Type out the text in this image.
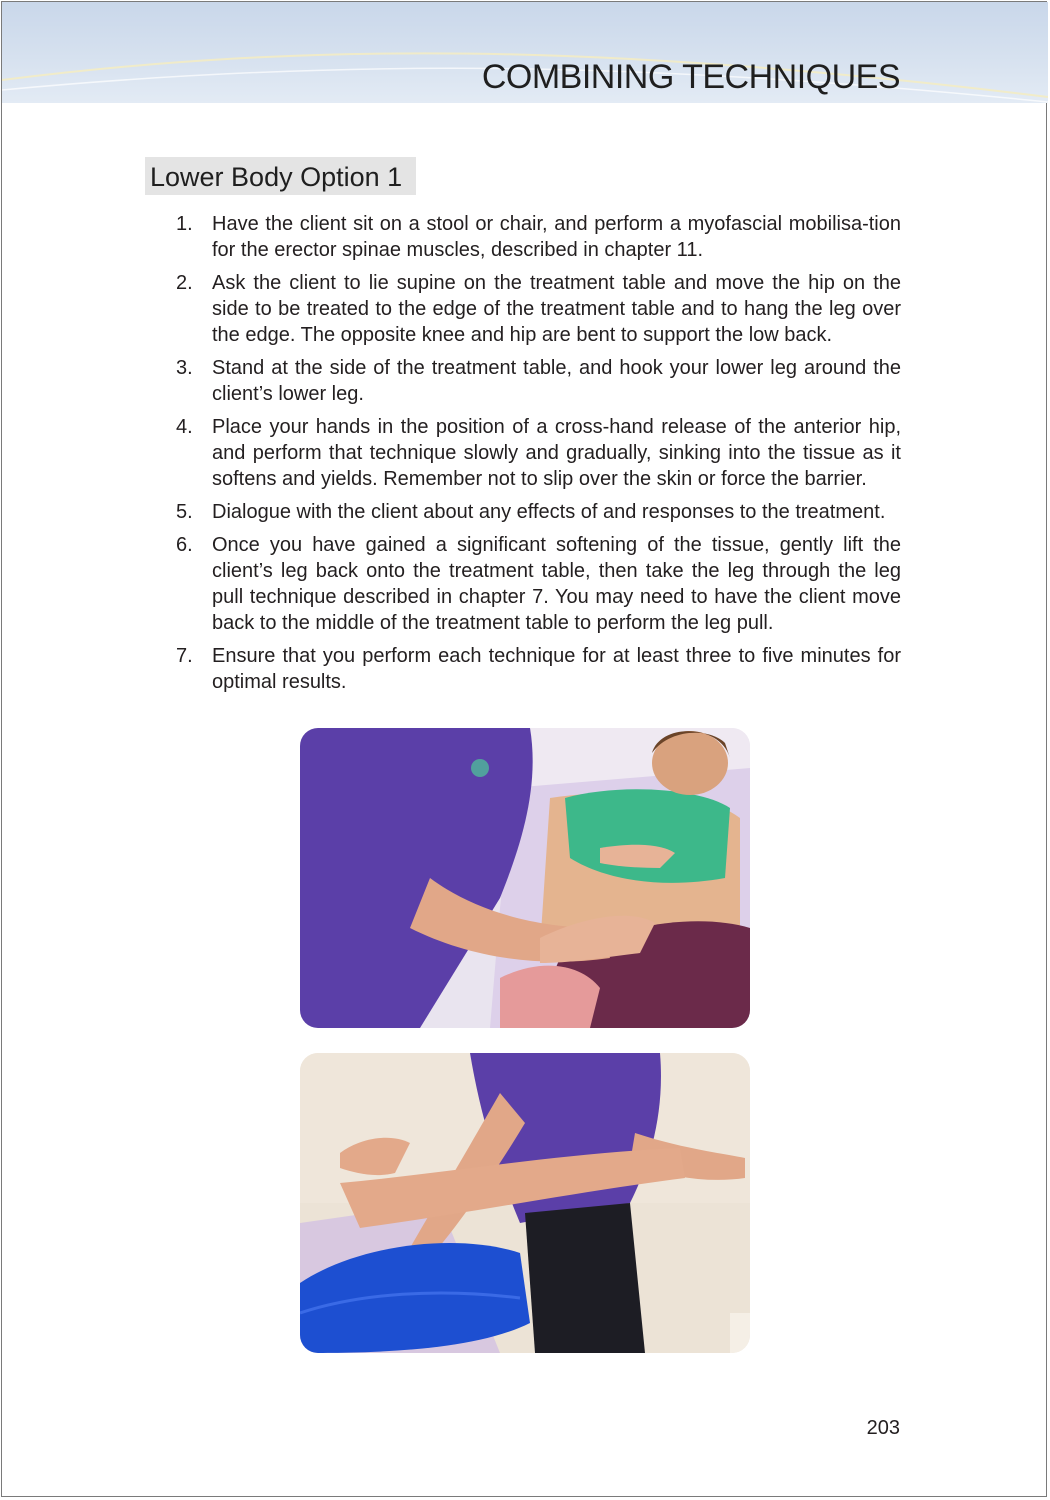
COMBINING TECHNIQUES
Lower Body Option 1
1. Have the client sit on a stool or chair, and perform a myofascial mobilisa-tion for the erector spinae muscles, described in chapter 11.
2. Ask the client to lie supine on the treatment table and move the hip on the side to be treated to the edge of the treatment table and to hang the leg over the edge. The opposite knee and hip are bent to support the low back.
3. Stand at the side of the treatment table, and hook your lower leg around the client’s lower leg.
4. Place your hands in the position of a cross-hand release of the anterior hip, and perform that technique slowly and gradually, sinking into the tissue as it softens and yields. Remember not to slip over the skin or force the barrier.
5. Dialogue with the client about any effects of and responses to the treatment.
6. Once you have gained a significant softening of the tissue, gently lift the client’s leg back onto the treatment table, then take the leg through the leg pull technique described in chapter 7. You may need to have the client move back to the middle of the treatment table to perform the leg pull.
7. Ensure that you perform each technique for at least three to five minutes for optimal results.
203
